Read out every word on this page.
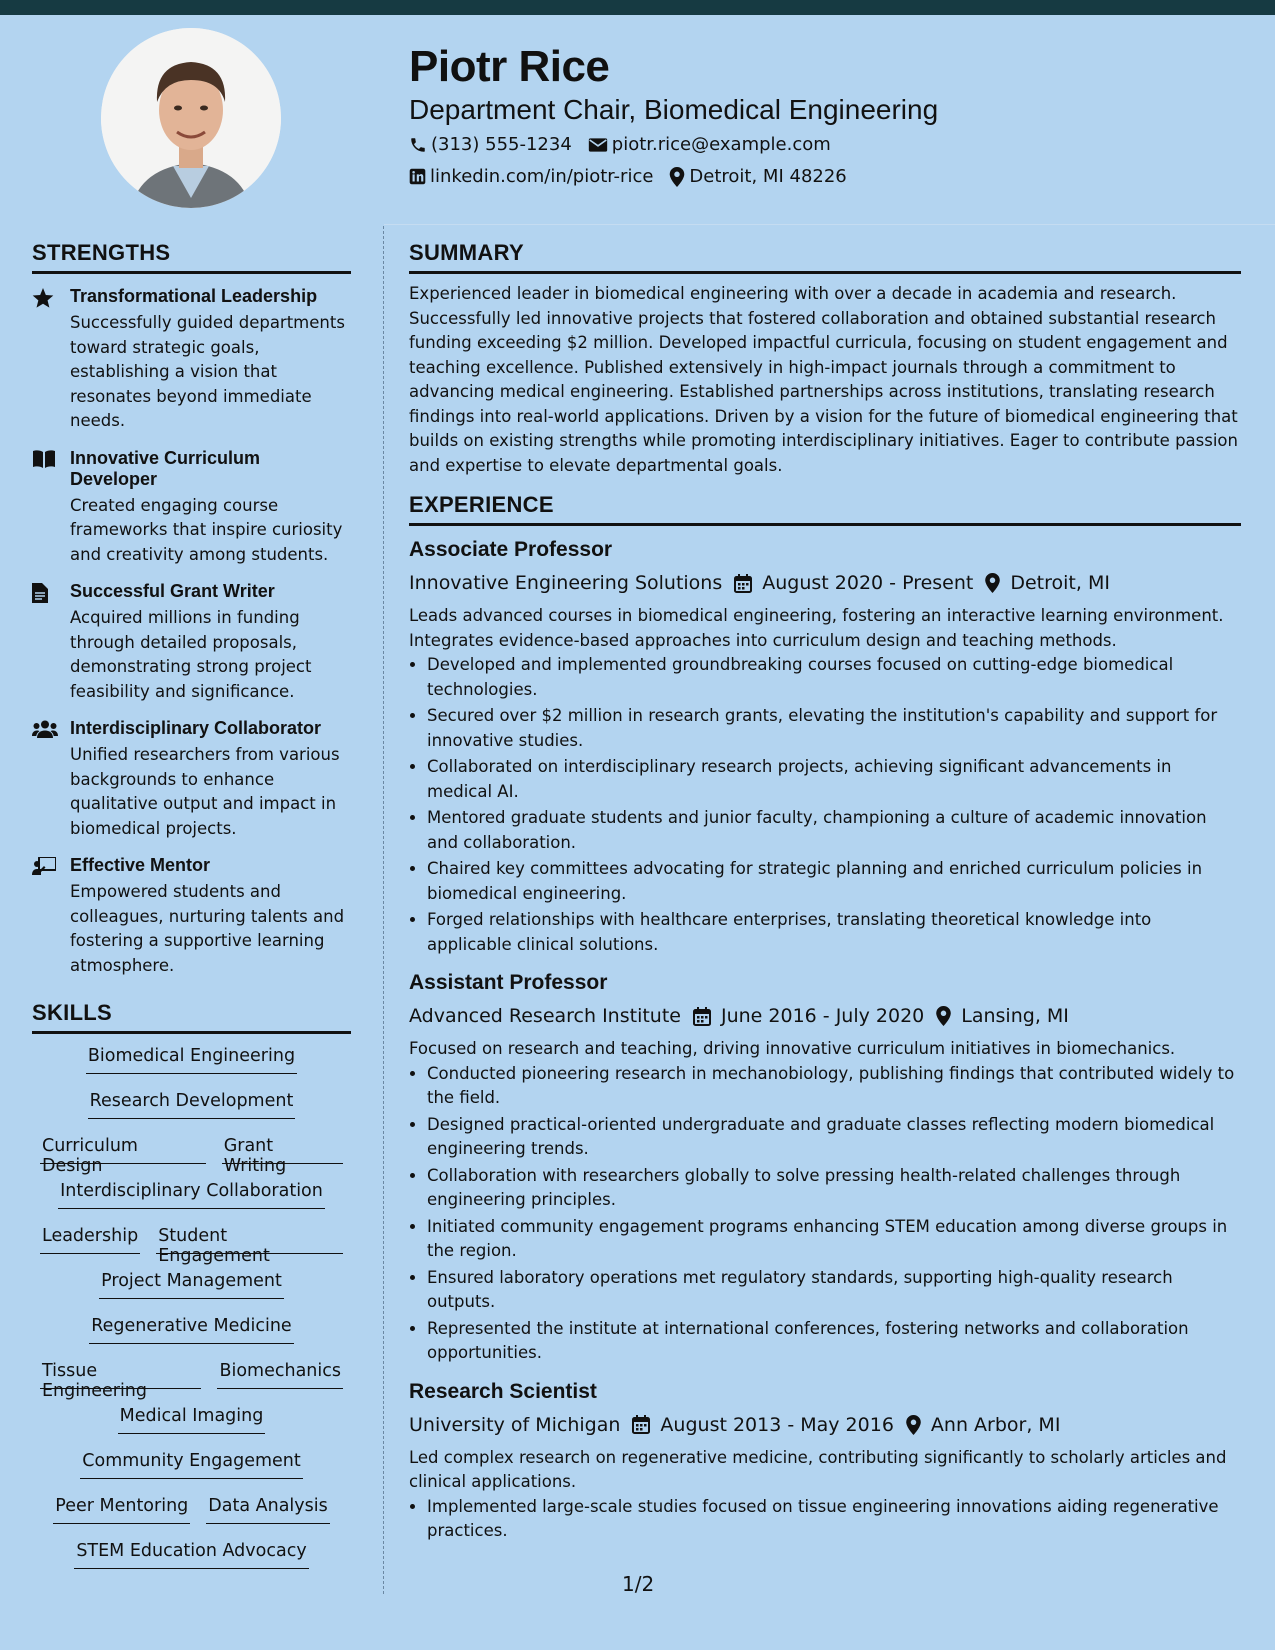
Piotr Rice
Department Chair, Biomedical Engineering
(313) 555-1234 piotr.rice@example.com
linkedin.com/in/piotr-rice Detroit, MI 48226
STRENGTHS
Transformational Leadership
Successfully guided departments toward strategic goals, establishing a vision that resonates beyond immediate needs.
Innovative Curriculum Developer
Created engaging course frameworks that inspire curiosity and creativity among students.
Successful Grant Writer
Acquired millions in funding through detailed proposals, demonstrating strong project feasibility and significance.
Interdisciplinary Collaborator
Unified researchers from various backgrounds to enhance qualitative output and impact in biomedical projects.
Effective Mentor
Empowered students and colleagues, nurturing talents and fostering a supportive learning atmosphere.
SKILLS
Biomedical Engineering
Research Development
Curriculum Design
Grant Writing
Interdisciplinary Collaboration
Leadership Student Engagement
Project Management
Regenerative Medicine
Tissue Engineering
Biomechanics
Medical Imaging
Community Engagement
Peer Mentoring Data Analysis
STEM Education Advocacy
SUMMARY

Experienced leader in biomedical engineering with over a decade in academia and research. Successfully led innovative projects that fostered collaboration and obtained substantial research funding exceeding $2 million. Developed impactful curricula, focusing on student engagement and teaching excellence. Published extensively in high-impact journals through a commitment to advancing medical engineering. Established partnerships across institutions, translating research findings into real-world applications. Driven by a vision for the future of biomedical engineering that builds on existing strengths while promoting interdisciplinary initiatives. Eager to contribute passion and expertise to elevate departmental goals.

EXPERIENCE
Associate Professor
Innovative Engineering Solutions August 2020 - Present Detroit, MI
Leads advanced courses in biomedical engineering, fostering an interactive learning environment. Integrates evidence-based approaches into curriculum design and teaching methods.
• Developed and implemented groundbreaking courses focused on cutting-edge biomedical technologies.
• Secured over $2 million in research grants, elevating the institution's capability and support for innovative studies.
• Collaborated on interdisciplinary research projects, achieving significant advancements in medical AI.
• Mentored graduate students and junior faculty, championing a culture of academic innovation and collaboration.
• Chaired key committees advocating for strategic planning and enriched curriculum policies in biomedical engineering.
• Forged relationships with healthcare enterprises, translating theoretical knowledge into applicable clinical solutions.
Assistant Professor
Advanced Research Institute June 2016 - July 2020 Lansing, MI
Focused on research and teaching, driving innovative curriculum initiatives in biomechanics.
• Conducted pioneering research in mechanobiology, publishing findings that contributed widely to the field.
• Designed practical-oriented undergraduate and graduate classes reflecting modern biomedical engineering trends.
• Collaboration with researchers globally to solve pressing health-related challenges through engineering principles.
• Initiated community engagement programs enhancing STEM education among diverse groups in the region.
• Ensured laboratory operations met regulatory standards, supporting high-quality research outputs.
• Represented the institute at international conferences, fostering networks and collaboration opportunities.
Research Scientist
University of Michigan August 2013 - May 2016 Ann Arbor, MI
Led complex research on regenerative medicine, contributing significantly to scholarly articles and clinical applications.
• Implemented large-scale studies focused on tissue engineering innovations aiding regenerative practices.
1/2
